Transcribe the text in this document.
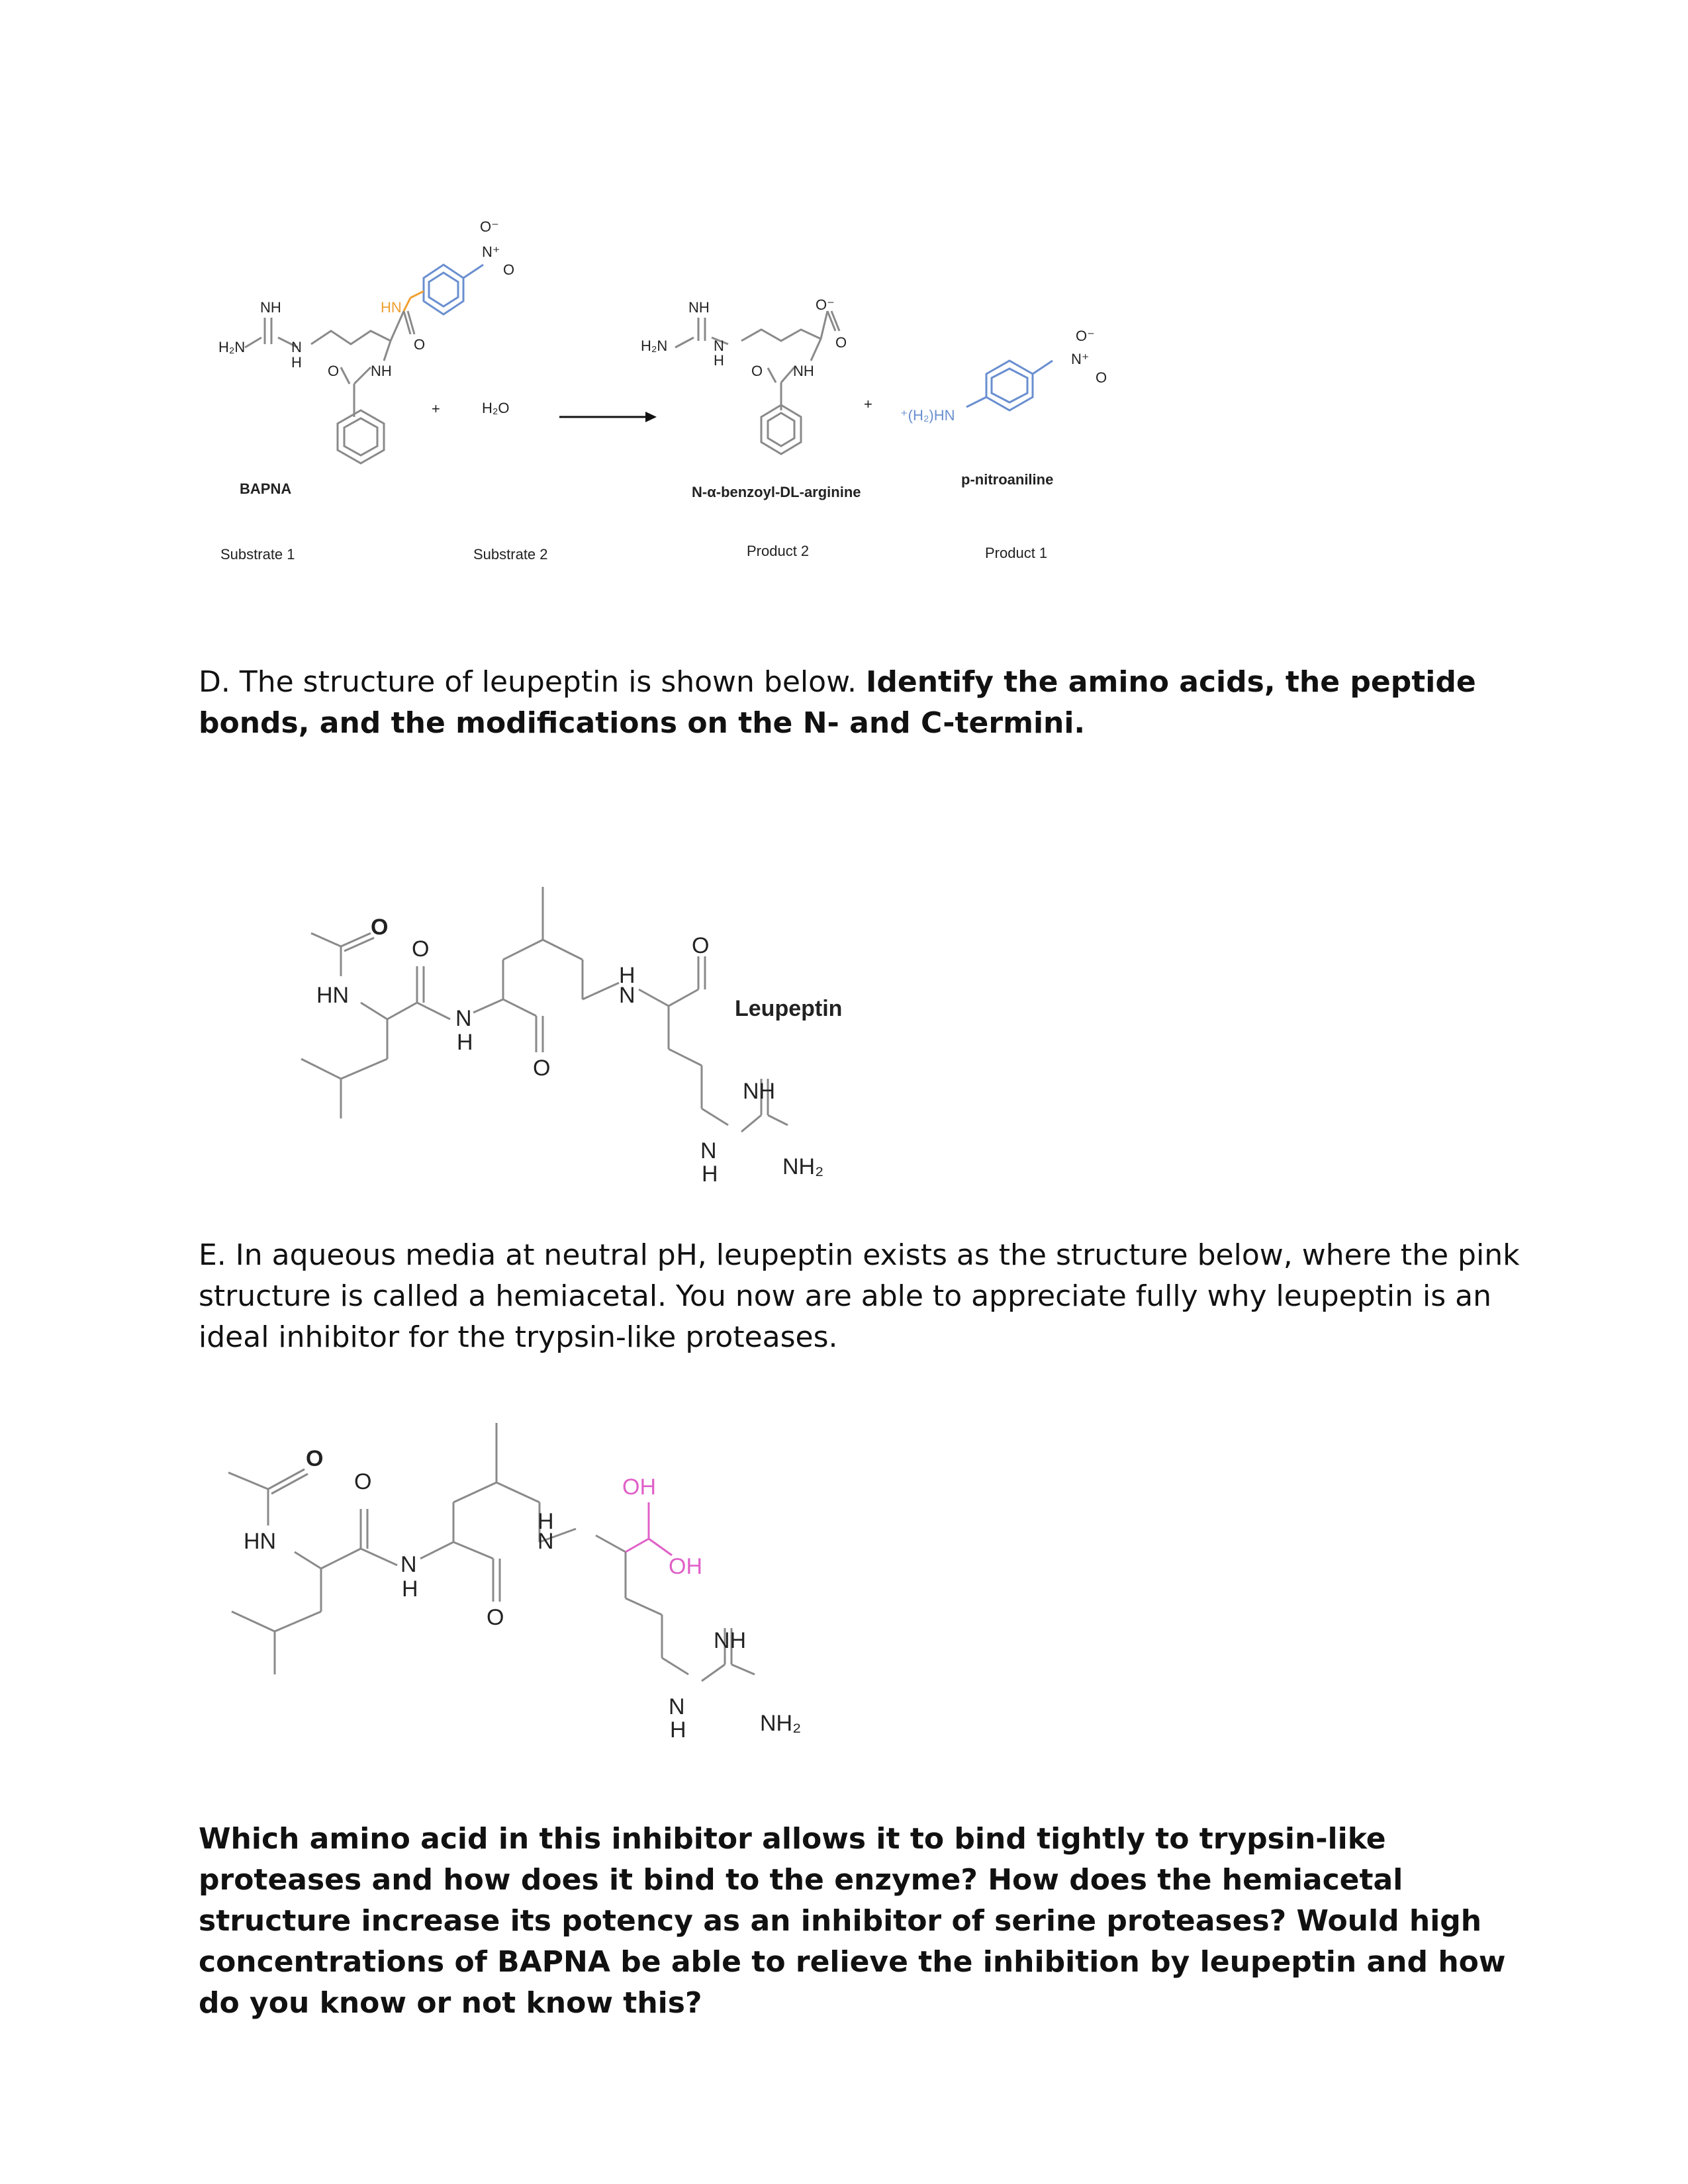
NH
H₂N	N
H
HN
O
O NH
O⁻
N⁺
O
+	H₂O
NH
H₂N	N
H
O⁻
O
O NH
+
⁺(H₂)HN
O⁻
N⁺
O
BAPNA	N-α-benzoyl-DL-arginine
p-nitroaniline
Substrate 1	Substrate 2	Product 2	Product 1
D. The structure of leupeptin is shown below. Identify the amino acids, the peptide bonds, and the modifications on the N- and C-termini.
O
HN
O
N
H
O
H
N
O
Leupeptin
NH
N
H	NH₂
E. In aqueous media at neutral pH, leupeptin exists as the structure below, where the pink structure is called a hemiacetal. You now are able to appreciate fully why leupeptin is an ideal inhibitor for the trypsin-like proteases.
O
HN
O
N
H
O
H
N
OH
OH
NH
N
H	NH₂
Which amino acid in this inhibitor allows it to bind tightly to trypsin-like proteases and how does it bind to the enzyme? How does the hemiacetal structure increase its potency as an inhibitor of serine proteases? Would high concentrations of BAPNA be able to relieve the inhibition by leupeptin and how do you know or not know this?
